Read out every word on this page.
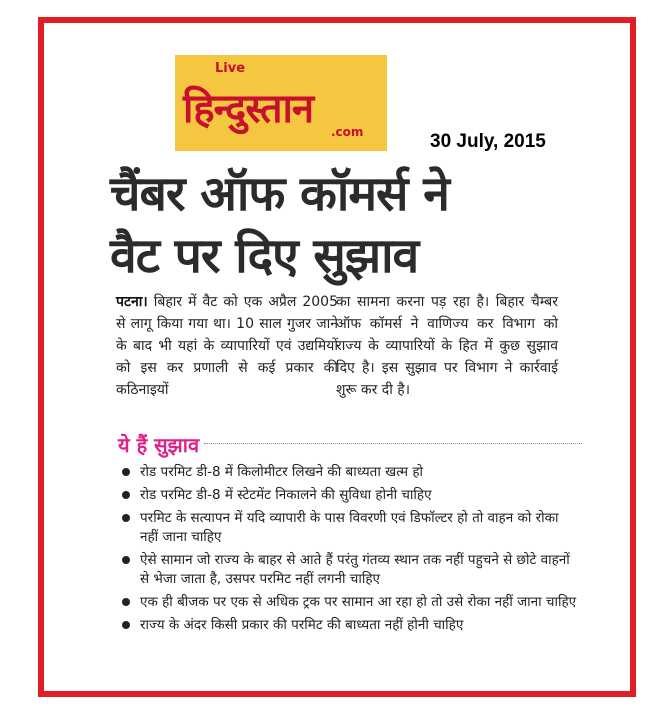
Live
हिन्दुस्तान .com	30 July, 2015
चैंबर ऑफ कॉमर्स ने
वैट पर दिए सुझाव

पटना। बिहार में वैट को एक अप्रैल 2005 से लागू किया गया था। 10 साल गुजर जाने के बाद भी यहां के व्यापारियों एवं उद्यमियों को इस कर प्रणाली से कई प्रकार की कठिनाइयों

का सामना करना पड़ रहा है। बिहार चैम्बर ऑफ कॉमर्स ने वाणिज्य कर विभाग को राज्य के व्यापारियों के हित में कुछ सुझाव दिए है। इस सुझाव पर विभाग ने कार्रवाई शुरू कर दी है।

ये हैं सुझाव
रोड परमिट डी-8 में किलोमीटर लिखने की बाध्यता खत्म हो
रोड परमिट डी-8 में स्टेटमेंट निकालने की सुविधा होनी चाहिए
परमिट के सत्यापन में यदि व्यापारी के पास विवरणी एवं डिफॉल्टर हो तो वाहन को रोका नहीं जाना चाहिए
ऐसे सामान जो राज्य के बाहर से आते हैं परंतु गंतव्य स्थान तक नहीं पहुचने से छोटे वाहनों से भेजा जाता है, उसपर परमिट नहीं लगनी चाहिए
एक ही बीजक पर एक से अधिक ट्रक पर सामान आ रहा हो तो उसे रोका नहीं जाना चाहिए
राज्य के अंदर किसी प्रकार की परमिट की बाध्यता नहीं होनी चाहिए
